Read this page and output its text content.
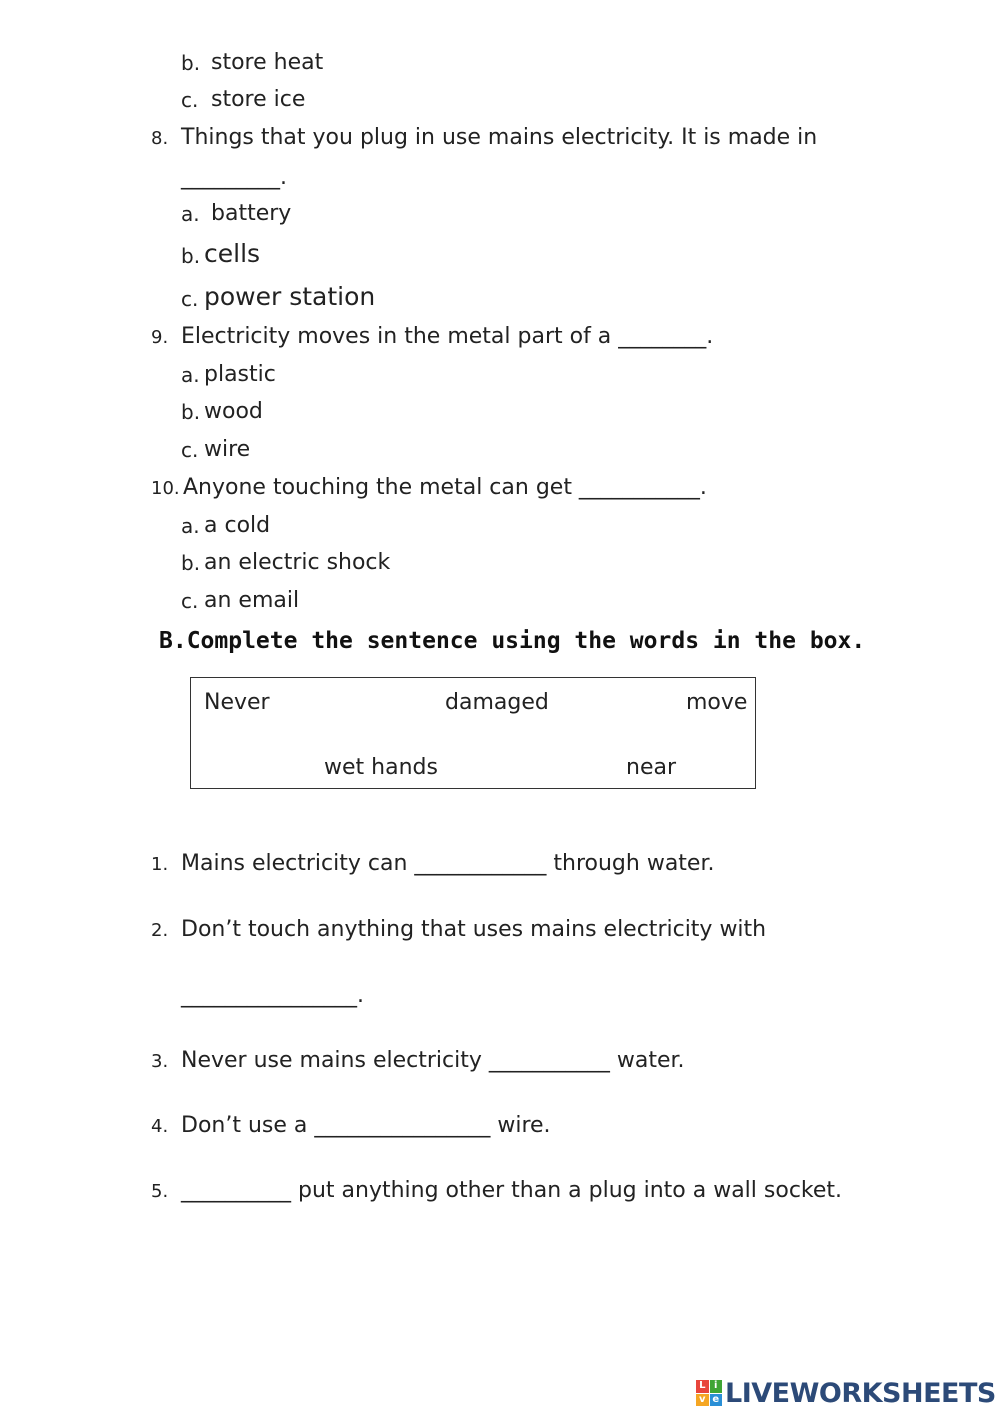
b. store heat
c. store ice
8. Things that you plug in use mains electricity. It is made in
_________.
a. battery
b. cells
c. power station
9. Electricity moves in the metal part of a ________.
a. plastic
b. wood
c. wire
10. Anyone touching the metal can get ___________.
a. a cold
b. an electric shock
c. an email
B.Complete the sentence using the words in the box.
Never	damaged	move
wet hands	near
1. Mains electricity can ____________ through water.
2. Don’t touch anything that uses mains electricity with
________________.
3. Never use mains electricity ___________ water.
4. Don’t use a ________________ wire.
5. __________ put anything other than a plug into a wall socket.
L i
v e LIVEWORKSHEETS
